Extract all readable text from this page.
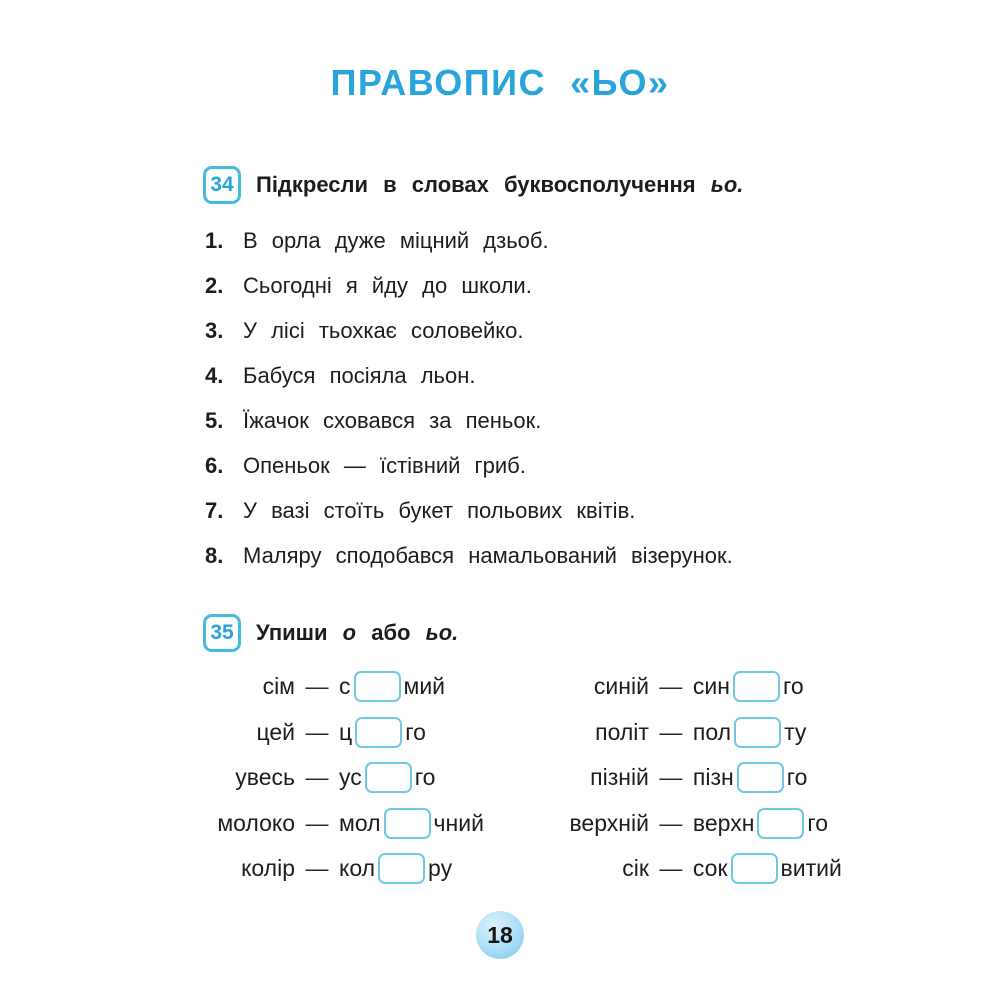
ПРАВОПИС «ЬО»
34	Підкресли в словах буквосполучення ьо.
1. В орла дуже міцний дзьоб.
2. Сьогодні я йду до школи.
3. У лісі тьохкає соловейко.
4. Бабуся посіяла льон.
5. Їжачок сховався за пеньок.
6. Опеньок — їстівний гриб.
7. У вазі стоїть букет польових квітів.
8. Маляру сподобався намальований візерунок.
35	Упиши о або ьо.
сім — с мий
цей — ц го
увесь — ус го
молоко — мол чний
колір — кол ру
синій — син го
політ — пол ту
пізній — пізн го
верхній — верхн го
сік — сок витий
18
